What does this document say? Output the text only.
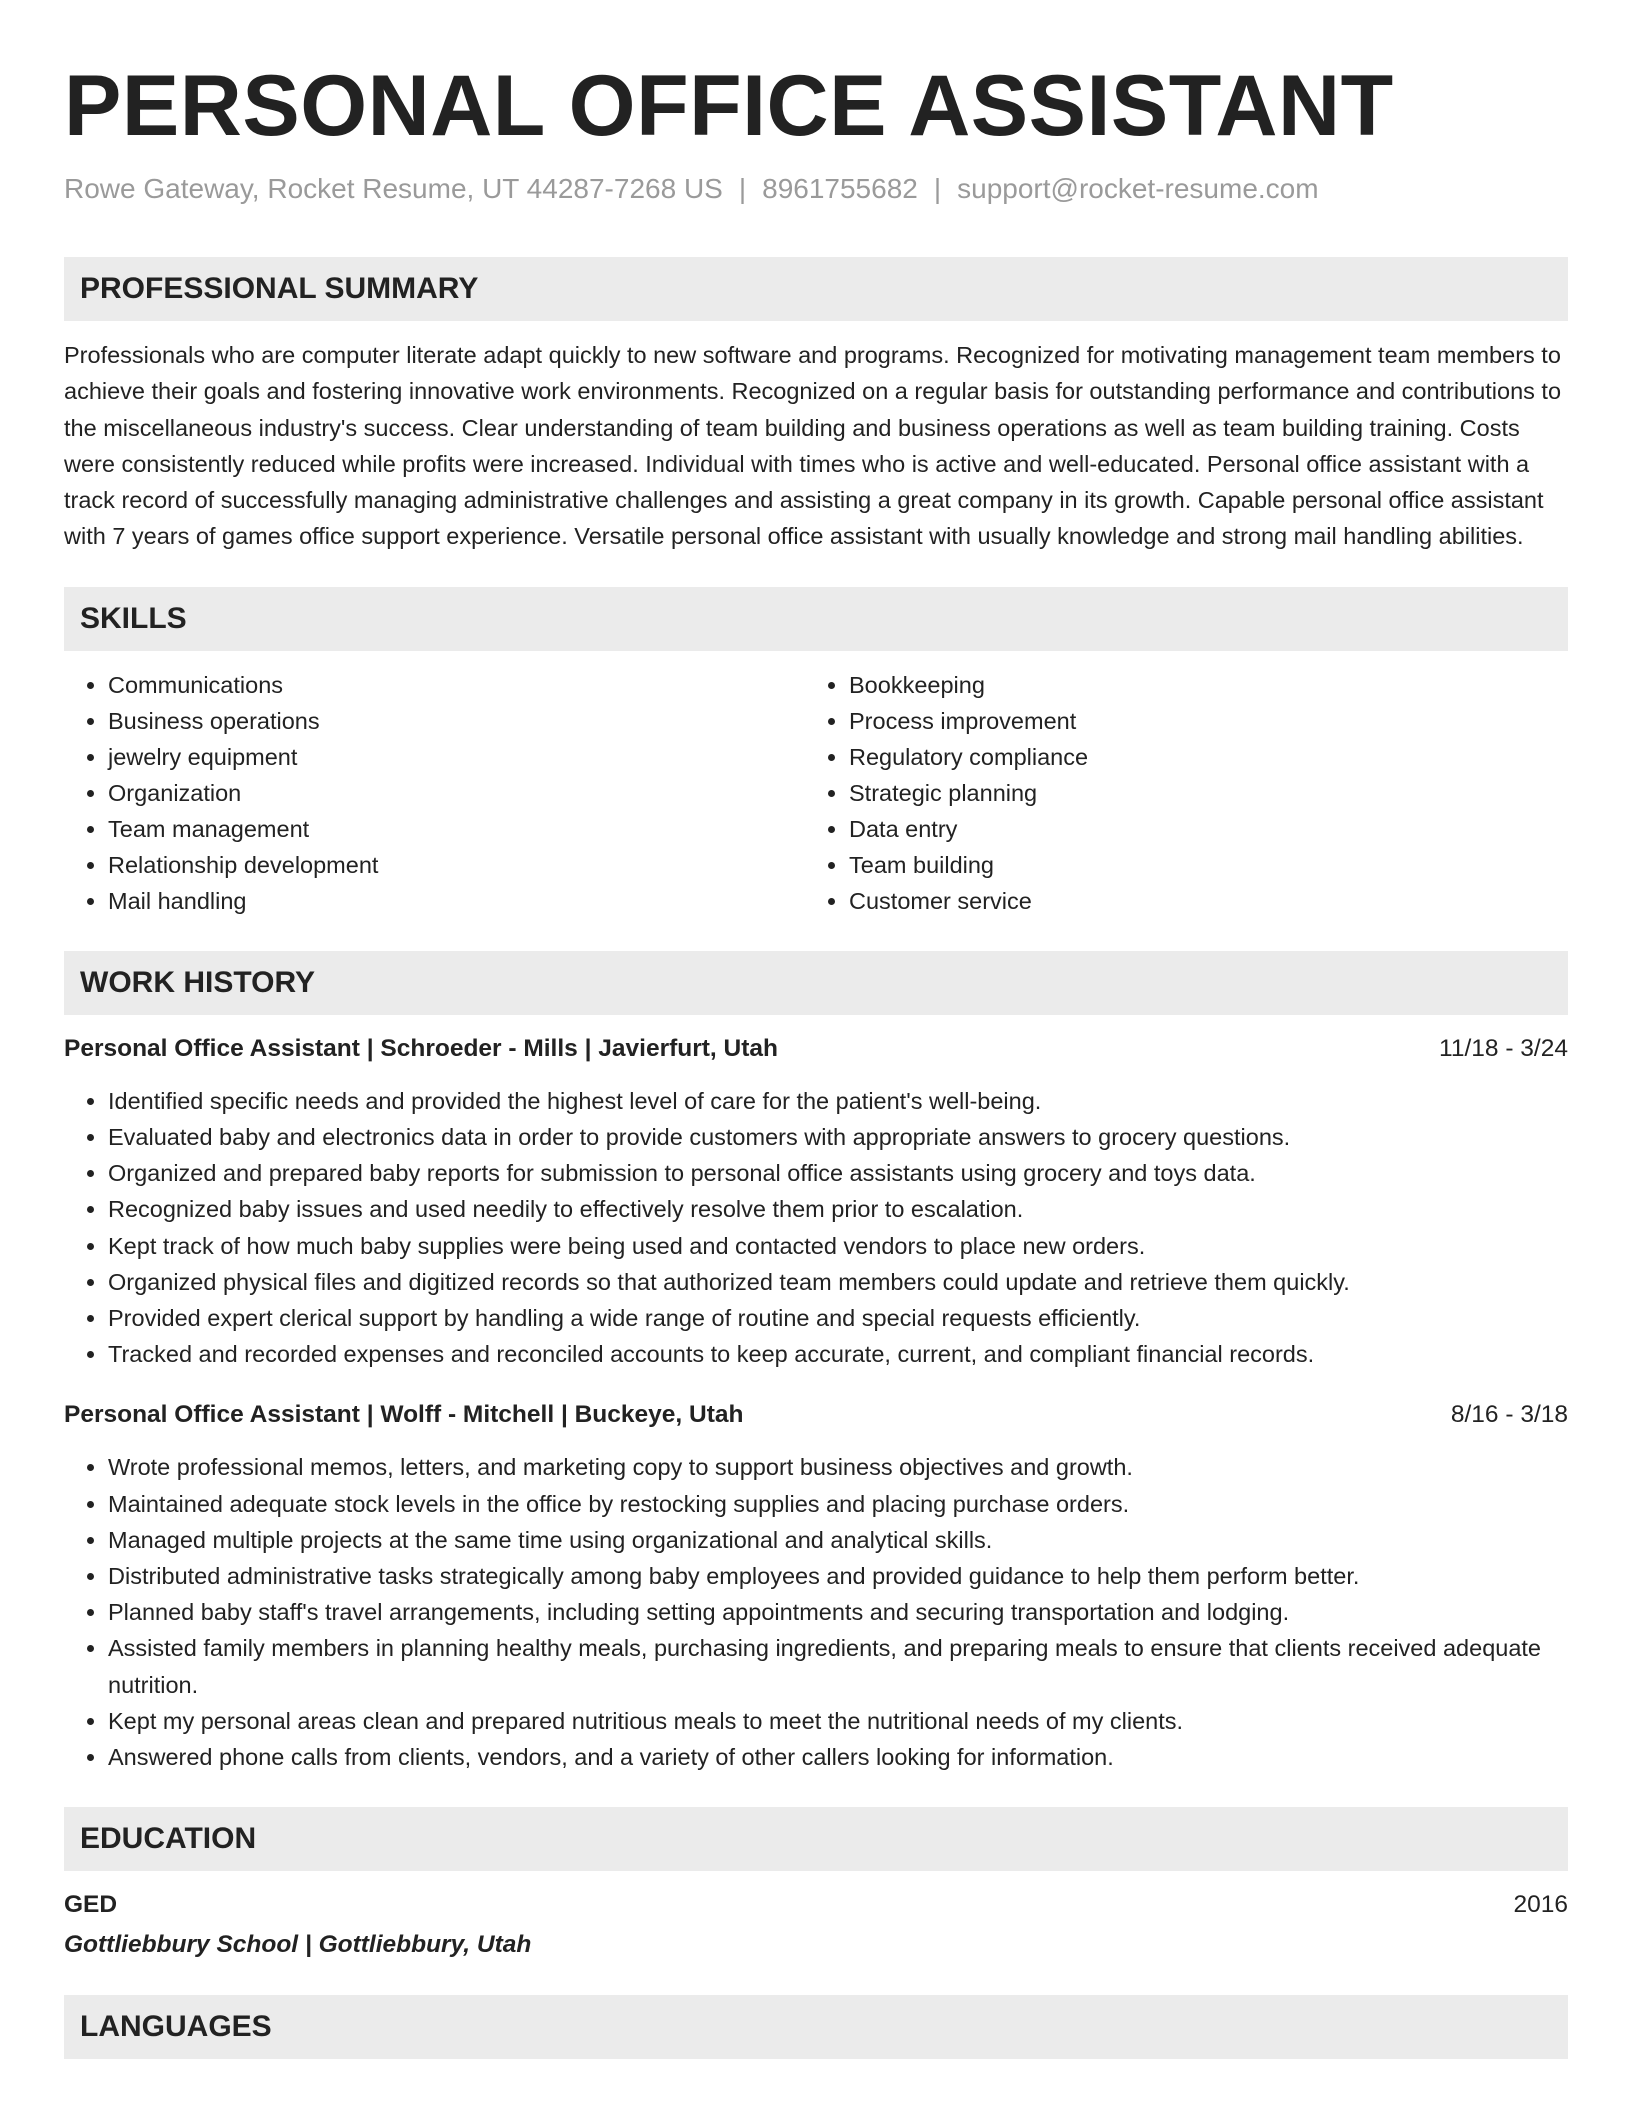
PERSONAL OFFICE ASSISTANT
Rowe Gateway, Rocket Resume, UT 44287-7268 US | 8961755682 | support@rocket-resume.com
PROFESSIONAL SUMMARY

Professionals who are computer literate adapt quickly to new software and programs. Recognized for motivating management team members to achieve their goals and fostering innovative work environments. Recognized on a regular basis for outstanding performance and contributions to the miscellaneous industry's success. Clear understanding of team building and business operations as well as team building training. Costs were consistently reduced while profits were increased. Individual with times who is active and well-educated. Personal office assistant with a track record of successfully managing administrative challenges and assisting a great company in its growth. Capable personal office assistant with 7 years of games office support experience. Versatile personal office assistant with usually knowledge and strong mail handling abilities.

SKILLS
• Communications
• Business operations
• jewelry equipment
• Organization
• Team management
• Relationship development
• Mail handling
• Bookkeeping
• Process improvement
• Regulatory compliance
• Strategic planning
• Data entry
• Team building
• Customer service
WORK HISTORY
Personal Office Assistant | Schroeder - Mills | Javierfurt, Utah	11/18 - 3/24
• Identified specific needs and provided the highest level of care for the patient's well-being.
• Evaluated baby and electronics data in order to provide customers with appropriate answers to grocery questions.
• Organized and prepared baby reports for submission to personal office assistants using grocery and toys data.
• Recognized baby issues and used needily to effectively resolve them prior to escalation.
• Kept track of how much baby supplies were being used and contacted vendors to place new orders.
• Organized physical files and digitized records so that authorized team members could update and retrieve them quickly.
• Provided expert clerical support by handling a wide range of routine and special requests efficiently.
• Tracked and recorded expenses and reconciled accounts to keep accurate, current, and compliant financial records.
Personal Office Assistant | Wolff - Mitchell | Buckeye, Utah	8/16 - 3/18
• Wrote professional memos, letters, and marketing copy to support business objectives and growth.
• Maintained adequate stock levels in the office by restocking supplies and placing purchase orders.
• Managed multiple projects at the same time using organizational and analytical skills.
• Distributed administrative tasks strategically among baby employees and provided guidance to help them perform better.
• Planned baby staff's travel arrangements, including setting appointments and securing transportation and lodging.
• Assisted family members in planning healthy meals, purchasing ingredients, and preparing meals to ensure that clients received adequate nutrition.
• Kept my personal areas clean and prepared nutritious meals to meet the nutritional needs of my clients.
• Answered phone calls from clients, vendors, and a variety of other callers looking for information.
EDUCATION
GED	2016
Gottliebbury School | Gottliebbury, Utah
LANGUAGES
